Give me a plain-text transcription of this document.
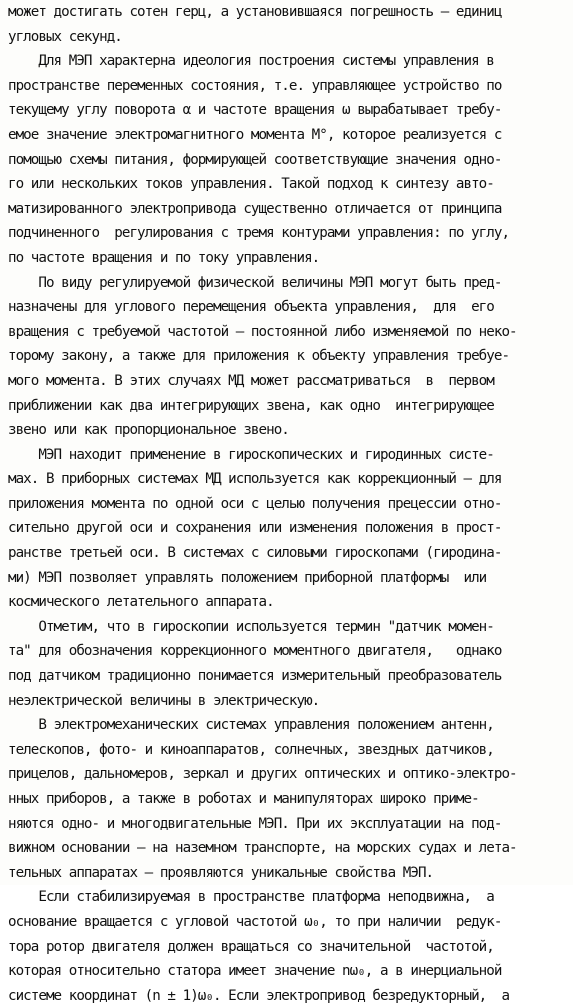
может достигать сотен герц, а установившаяся погрешность – единиц
угловых секунд.
Для МЭП характерна идеология построения системы управления в
пространстве переменных состояния, т.е. управляющее устройство по
текущему углу поворота α и частоте вращения ω вырабатывает требу-
емое значение электромагнитного момента M°, которое реализуется с
помощью схемы питания, формирующей соответствующие значения одно-
го или нескольких токов управления. Такой подход к синтезу авто-
матизированного электропривода существенно отличается от принципа
подчиненного  регулирования с тремя контурами управления: по углу,
по частоте вращения и по току управления.
По виду регулируемой физической величины МЭП могут быть пред-
назначены для углового перемещения объекта управления,  для  его
вращения с требуемой частотой – постоянной либо изменяемой по неко-
торому закону, а также для приложения к объекту управления требуе-
мого момента. В этих случаях МД может рассматриваться  в  первом
приближении как два интегрирующих звена, как одно  интегрирующее
звено или как пропорциональное звено.
МЭП находит применение в гироскопических и гиродинных систе-
мах. В приборных системах МД используется как коррекционный – для
приложения момента по одной оси с целью получения прецессии отно-
сительно другой оси и сохранения или изменения положения в прост-
ранстве третьей оси. В системах с силовыми гироскопами (гиродина-
ми) МЭП позволяет управлять положением приборной платформы  или
космического летательного аппарата.
Отметим, что в гироскопии используется термин "датчик момен-
та" для обозначения коррекционного моментного двигателя,   однако
под датчиком традиционно понимается измерительный преобразователь
неэлектрической величины в электрическую.
В электромеханических системах управления положением антенн,
телескопов, фото- и киноаппаратов, солнечных, звездных датчиков,
прицелов, дальномеров, зеркал и других оптических и оптико-электро-
нных приборов, а также в роботах и манипуляторах широко приме-
няются одно- и многодвигательные МЭП. При их эксплуатации на под-
вижном основании – на наземном транспорте, на морских судах и лета-
тельных аппаратах – проявляются уникальные свойства МЭП.
Если стабилизируемая в пространстве платформа неподвижна,  а
основание вращается с угловой частотой ω₀, то при наличии  редук-
тора ротор двигателя должен вращаться со значительной  частотой,
которая относительно статора имеет значение nω₀, а в инерциальной
системе координат (n ± 1)ω₀. Если электропривод безредукторный,  а
